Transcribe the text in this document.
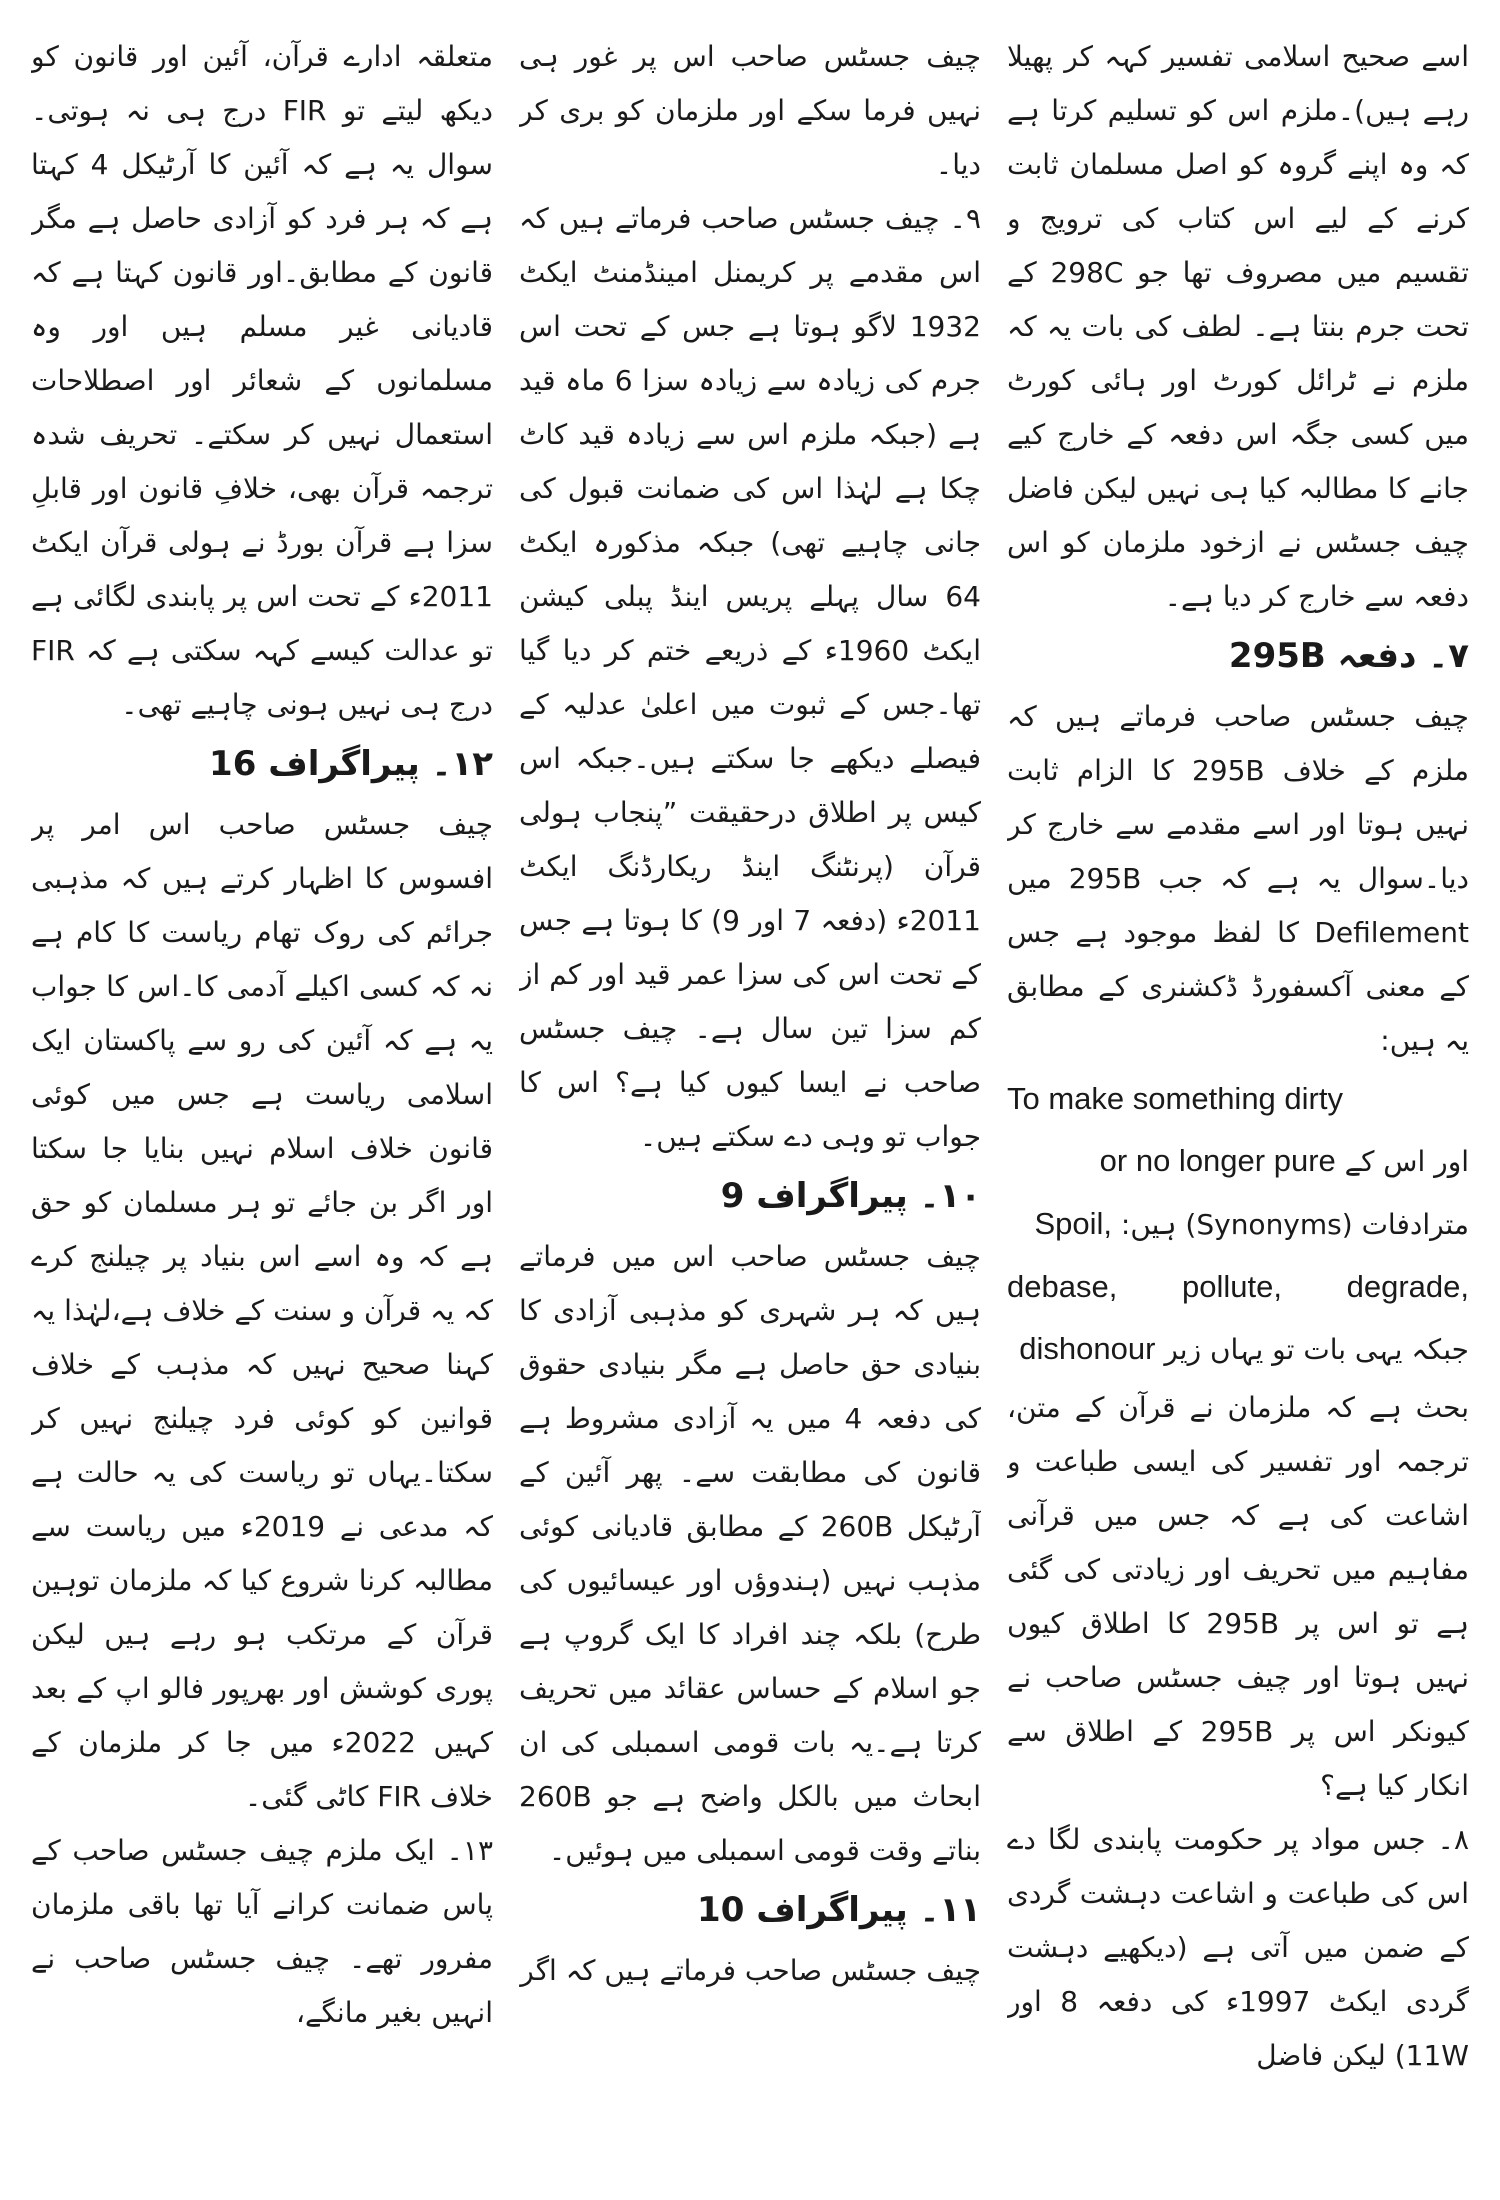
اسے صحیح اسلامی تفسیر کہہ کر پھیلا رہے ہیں)۔ملزم اس کو تسلیم کرتا ہے کہ وہ اپنے گروہ کو اصل مسلمان ثابت کرنے کے لیے اس کتاب کی ترویج و تقسیم میں مصروف تھا جو 298C کے تحت جرم بنتا ہے۔ لطف کی بات یہ کہ ملزم نے ٹرائل کورٹ اور ہائی کورٹ میں کسی جگہ اس دفعہ کے خارج کیے جانے کا مطالبہ کیا ہی نہیں لیکن فاضل چیف جسٹس نے ازخود ملزمان کو اس دفعہ سے خارج کر دیا ہے۔

۷۔ دفعہ 295B

چیف جسٹس صاحب فرماتے ہیں کہ ملزم کے خلاف 295B کا الزام ثابت نہیں ہوتا اور اسے مقدمے سے خارج کر دیا۔سوال یہ ہے کہ جب 295B میں Defilement کا لفظ موجود ہے جس کے معنی آکسفورڈ ڈکشنری کے مطابق یہ ہیں:

To make something dirty
اور اس کے or no longer pure
مترادفات (Synonyms) ہیں: Spoil,
debase, pollute, degrade,
جبکہ یہی بات تو یہاں زیر dishonour

بحث ہے کہ ملزمان نے قرآن کے متن، ترجمہ اور تفسیر کی ایسی طباعت و اشاعت کی ہے کہ جس میں قرآنی مفاہیم میں تحریف اور زیادتی کی گئی ہے تو اس پر 295B کا اطلاق کیوں نہیں ہوتا اور چیف جسٹس صاحب نے کیونکر اس پر 295B کے اطلاق سے انکار کیا ہے؟

۸۔ جس مواد پر حکومت پابندی لگا دے اس کی طباعت و اشاعت دہشت گردی کے ضمن میں آتی ہے (دیکھیے دہشت گردی ایکٹ 1997ء کی دفعہ 8 اور 11W) لیکن فاضل

چیف جسٹس صاحب اس پر غور ہی نہیں فرما سکے اور ملزمان کو بری کر دیا۔

۹۔ چیف جسٹس صاحب فرماتے ہیں کہ اس مقدمے پر کریمنل امینڈمنٹ ایکٹ 1932 لاگو ہوتا ہے جس کے تحت اس جرم کی زیادہ سے زیادہ سزا 6 ماہ قید ہے (جبکہ ملزم اس سے زیادہ قید کاٹ چکا ہے لہٰذا اس کی ضمانت قبول کی جانی چاہیے تھی) جبکہ مذکورہ ایکٹ 64 سال پہلے پریس اینڈ پبلی کیشن ایکٹ 1960ء کے ذریعے ختم کر دیا گیا تھا۔جس کے ثبوت میں اعلیٰ عدلیہ کے فیصلے دیکھے جا سکتے ہیں۔جبکہ اس کیس پر اطلاق درحقیقت ”پنجاب ہولی قرآن (پرنٹنگ اینڈ ریکارڈنگ ایکٹ 2011ء (دفعہ 7 اور 9) کا ہوتا ہے جس کے تحت اس کی سزا عمر قید اور کم از کم سزا تین سال ہے۔ چیف جسٹس صاحب نے ایسا کیوں کیا ہے؟ اس کا جواب تو وہی دے سکتے ہیں۔

۱۰۔ پیراگراف 9

چیف جسٹس صاحب اس میں فرماتے ہیں کہ ہر شہری کو مذہبی آزادی کا بنیادی حق حاصل ہے مگر بنیادی حقوق کی دفعہ 4 میں یہ آزادی مشروط ہے قانون کی مطابقت سے۔ پھر آئین کے آرٹیکل 260B کے مطابق قادیانی کوئی مذہب نہیں (ہندوؤں اور عیسائیوں کی طرح) بلکہ چند افراد کا ایک گروپ ہے جو اسلام کے حساس عقائد میں تحریف کرتا ہے۔یہ بات قومی اسمبلی کی ان ابحاث میں بالکل واضح ہے جو 260B بناتے وقت قومی اسمبلی میں ہوئیں۔

۱۱۔ پیراگراف 10

چیف جسٹس صاحب فرماتے ہیں کہ اگر

متعلقہ ادارے قرآن، آئین اور قانون کو دیکھ لیتے تو FIR درج ہی نہ ہوتی۔سوال یہ ہے کہ آئین کا آرٹیکل 4 کہتا ہے کہ ہر فرد کو آزادی حاصل ہے مگر قانون کے مطابق۔اور قانون کہتا ہے کہ قادیانی غیر مسلم ہیں اور وہ مسلمانوں کے شعائر اور اصطلاحات استعمال نہیں کر سکتے۔ تحریف شدہ ترجمہ قرآن بھی، خلافِ قانون اور قابلِ سزا ہے قرآن بورڈ نے ہولی قرآن ایکٹ 2011ء کے تحت اس پر پابندی لگائی ہے تو عدالت کیسے کہہ سکتی ہے کہ FIR درج ہی نہیں ہونی چاہیے تھی۔

۱۲۔ پیراگراف 16

چیف جسٹس صاحب اس امر پر افسوس کا اظہار کرتے ہیں کہ مذہبی جرائم کی روک تھام ریاست کا کام ہے نہ کہ کسی اکیلے آدمی کا۔اس کا جواب یہ ہے کہ آئین کی رو سے پاکستان ایک اسلامی ریاست ہے جس میں کوئی قانون خلاف اسلام نہیں بنایا جا سکتا اور اگر بن جائے تو ہر مسلمان کو حق ہے کہ وہ اسے اس بنیاد پر چیلنج کرے کہ یہ قرآن و سنت کے خلاف ہے،لہٰذا یہ کہنا صحیح نہیں کہ مذہب کے خلاف قوانین کو کوئی فرد چیلنج نہیں کر سکتا۔یہاں تو ریاست کی یہ حالت ہے کہ مدعی نے 2019ء میں ریاست سے مطالبہ کرنا شروع کیا کہ ملزمان توہین قرآن کے مرتکب ہو رہے ہیں لیکن پوری کوشش اور بھرپور فالو اپ کے بعد کہیں 2022ء میں جا کر ملزمان کے خلاف FIR کاٹی گئی۔

۱۳۔ ایک ملزم چیف جسٹس صاحب کے پاس ضمانت کرانے آیا تھا باقی ملزمان مفرور تھے۔ چیف جسٹس صاحب نے انہیں بغیر مانگے،
